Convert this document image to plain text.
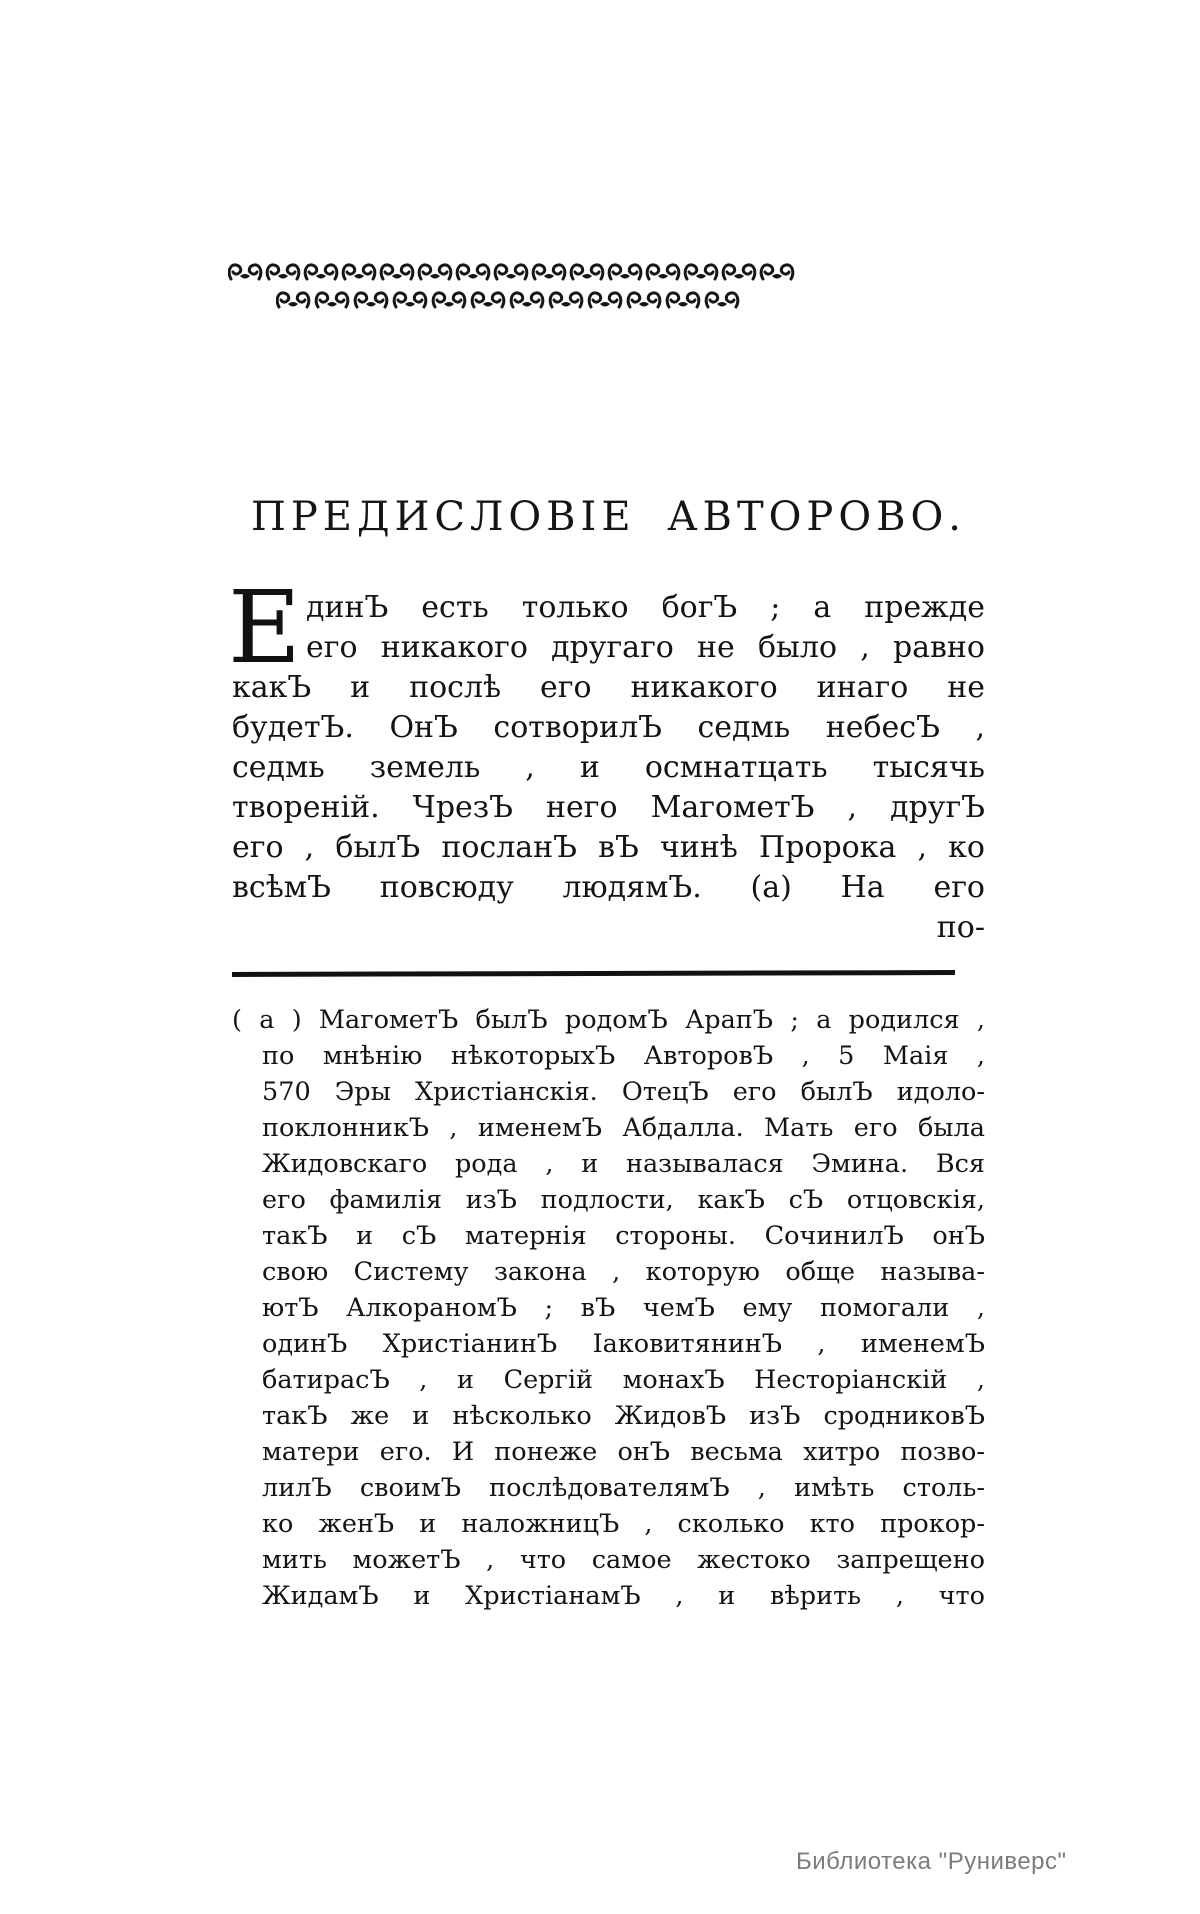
ПРЕДИСЛОВІЕ АВТОРОВО.
Е динЪ есть только богЪ ; а прежде
его никакого другаго не было , равно
какЪ и послѣ его никакого инаго не
будетЪ. ОнЪ сотворилЪ седмь небесЪ ,
седмь земель , и осмнатцать тысячь
твореній. ЧрезЪ него МагометЪ , другЪ
его , былЪ посланЪ вЪ чинѣ Пророка , ко
всѣмЪ повсюду людямЪ. (а) На его
по-
( а ) МагометЪ былЪ родомЪ АрапЪ ; а родился ,
по мнѣнію нѣкоторыхЪ АвторовЪ , 5 Маія ,
570 Эры Христіанскія. ОтецЪ его былЪ идоло-
поклонникЪ , именемЪ Абдалла. Мать его была
Жидовскаго рода , и называлася Эмина. Вся
его фамилія изЪ подлости, какЪ сЪ отцовскія,
такЪ и сЪ матернія стороны. СочинилЪ онЪ
свою Систему закона , которую обще называ-
ютЪ АлкораномЪ ; вЪ чемЪ ему помогали ,
одинЪ ХристіанинЪ ІаковитянинЪ , именемЪ
батирасЪ , и Сергій монахЪ Несторіанскій ,
такЪ же и нѣсколько ЖидовЪ изЪ сродниковЪ
матери его. И понеже онЪ весьма хитро позво-
лилЪ своимЪ послѣдователямЪ , имѣть столь-
ко женЪ и наложницЪ , сколько кто прокор-
мить можетЪ , что самое жестоко запрещено
ЖидамЪ и ХристіанамЪ , и вѣрить , что
Библиотека "Руниверс"
